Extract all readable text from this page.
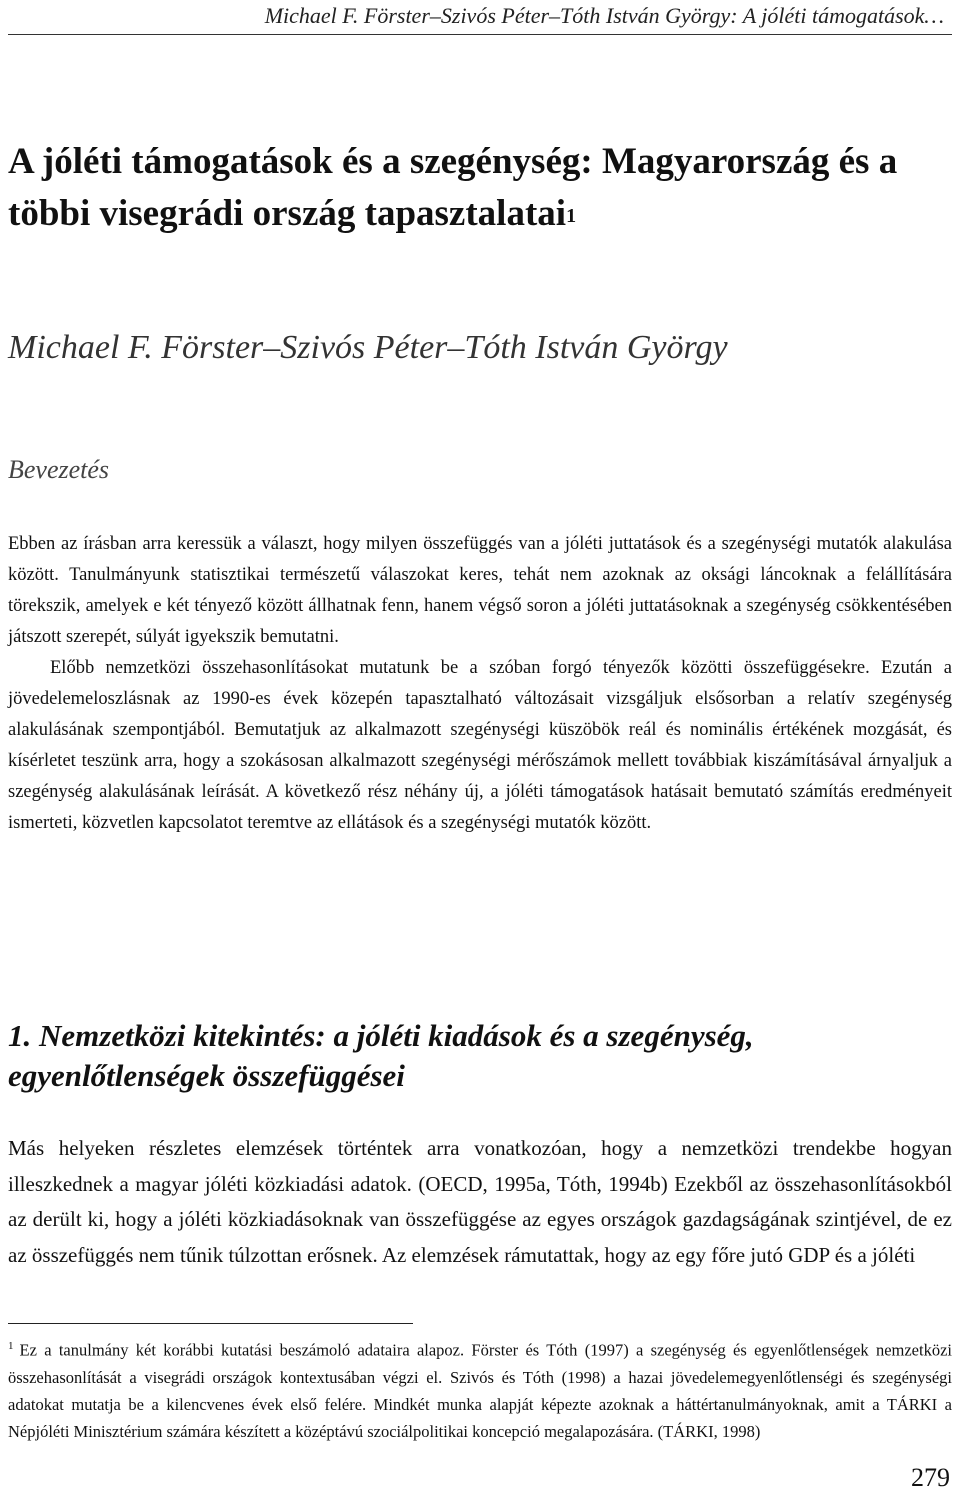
Michael F. Förster–Szivós Péter–Tóth István György: A jóléti támogatások…
A jóléti támogatások és a szegénység: Magyarország és a többi visegrádi ország tapasztalatai$^1$
Michael F. Förster–Szivós Péter–Tóth István György
Bevezetés

Ebben az írásban arra keressük a választ, hogy milyen összefüggés van a jóléti juttatások és a szegénységi mutatók alakulása között. Tanulmányunk statisztikai természetű válaszokat keres, tehát nem azoknak az oksági láncoknak a felállítására törekszik, amelyek e két tényező között állhatnak fenn, hanem végső soron a jóléti juttatásoknak a szegénység csökkentésében játszott szerepét, súlyát igyekszik bemutatni.

Előbb nemzetközi összehasonlításokat mutatunk be a szóban forgó tényezők közötti összefüggésekre. Ezután a jövedelemeloszlásnak az 1990-es évek közepén tapasztalható változásait vizsgáljuk elsősorban a relatív szegénység alakulásának szempontjából. Bemutatjuk az alkalmazott szegénységi küszöbök reál és nominális értékének mozgását, és kísérletet teszünk arra, hogy a szokásosan alkalmazott szegénységi mérőszámok mellett továbbiak kiszámításával árnyaljuk a szegénység alakulásának leírását. A következő rész néhány új, a jóléti támogatások hatásait bemutató számítás eredményeit ismerteti, közvetlen kapcsolatot teremtve az ellátások és a szegénységi mutatók között.

1. Nemzetközi kitekintés: a jóléti kiadások és a szegénység, egyenlőtlenségek összefüggései

Más helyeken részletes elemzések történtek arra vonatkozóan, hogy a nemzetközi trendekbe hogyan illeszkednek a magyar jóléti közkiadási adatok. (OECD, 1995a, Tóth, 1994b) Ezekből az összehasonlításokból az derült ki, hogy a jóléti közkiadásoknak van összefüggése az egyes országok gazdagságának szintjével, de ez az összefüggés nem tűnik túlzottan erősnek. Az elemzések rámutattak, hogy az egy főre jutó GDP és a jóléti

$^1$ Ez a tanulmány két korábbi kutatási beszámoló adataira alapoz. Förster és Tóth (1997) a szegénység és egyenlőtlenségek nemzetközi összehasonlítását a visegrádi országok kontextusában végzi el. Szivós és Tóth (1998) a hazai jövedelemegyenlőtlenségi és szegénységi adatokat mutatja be a kilencvenes évek első felére. Mindkét munka alapját képezte azoknak a háttértanulmányoknak, amit a TÁRKI a Népjóléti Minisztérium számára készített a középtávú szociálpolitikai koncepció megalapozására. (TÁRKI, 1998)

279
